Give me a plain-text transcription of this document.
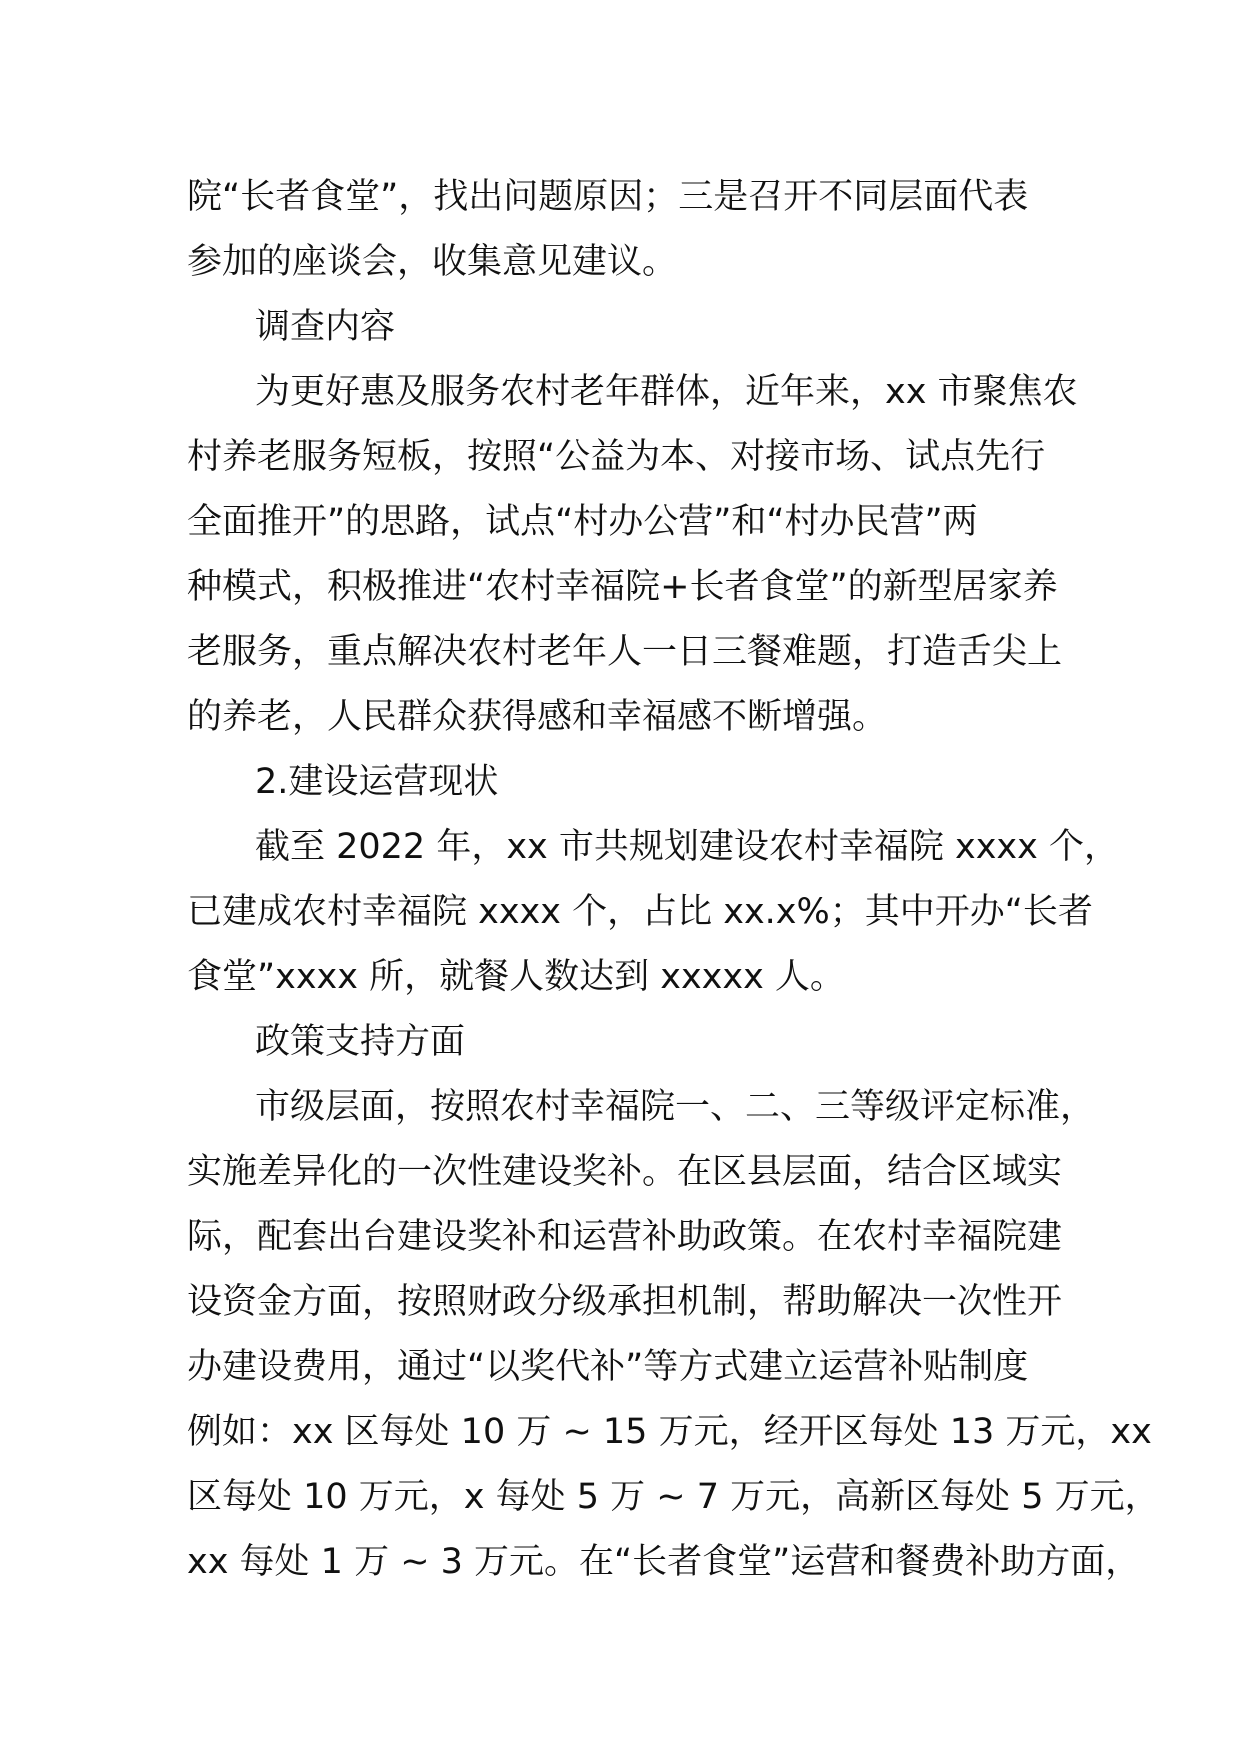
院“长者食堂”，找出问题原因；三是召开不同层面代表
参加的座谈会，收集意见建议。
调查内容
为更好惠及服务农村老年群体，近年来，xx 市聚焦农
村养老服务短板，按照“公益为本、对接市场、试点先行
全面推开”的思路，试点“村办公营”和“村办民营”两
种模式，积极推进“农村幸福院+长者食堂”的新型居家养
老服务，重点解决农村老年人一日三餐难题，打造舌尖上
的养老，人民群众获得感和幸福感不断增强。
2.建设运营现状
截至 2022 年，xx 市共规划建设农村幸福院 xxxx 个，
已建成农村幸福院 xxxx 个，占比 xx.x%；其中开办“长者
食堂”xxxx 所，就餐人数达到 xxxxx 人。
政策支持方面
市级层面，按照农村幸福院一、二、三等级评定标准，
实施差异化的一次性建设奖补。在区县层面，结合区域实
际，配套出台建设奖补和运营补助政策。在农村幸福院建
设资金方面，按照财政分级承担机制，帮助解决一次性开
办建设费用，通过“以奖代补”等方式建立运营补贴制度
例如：xx 区每处 10 万 ~ 15 万元，经开区每处 13 万元，xx
区每处 10 万元，x 每处 5 万 ~ 7 万元，高新区每处 5 万元，
xx 每处 1 万 ~ 3 万元。在“长者食堂”运营和餐费补助方面，
